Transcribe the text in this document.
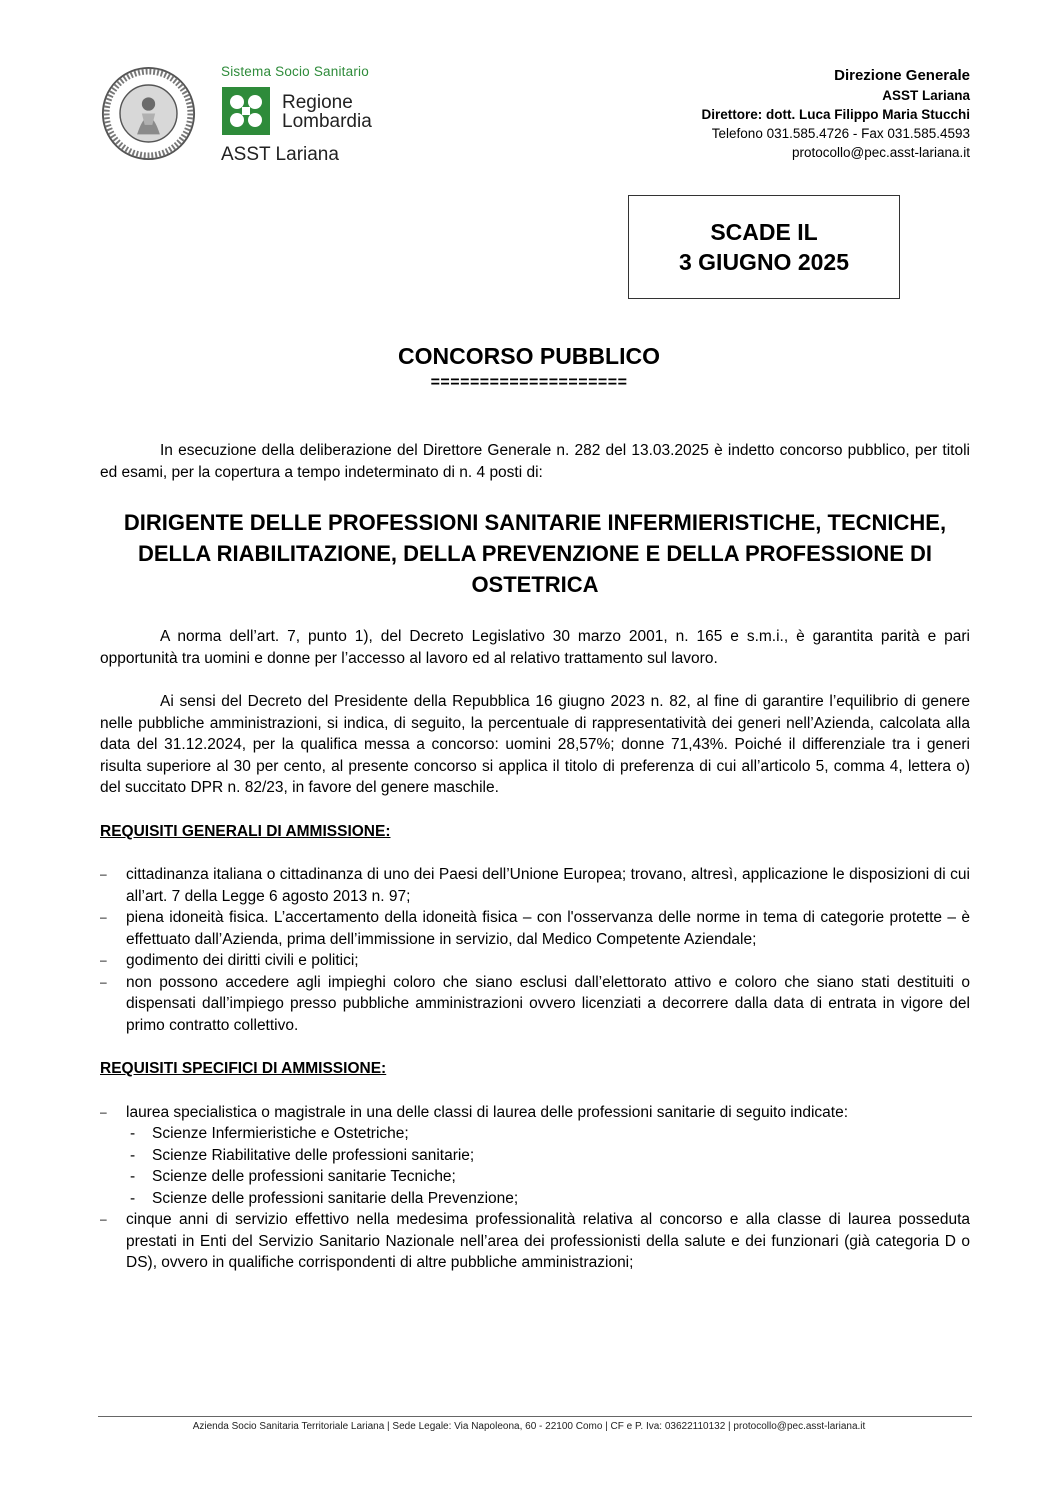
Sistema Socio Sanitario
Regione
Lombardia
ASST Lariana
Direzione Generale
ASST Lariana
Direttore: dott. Luca Filippo Maria Stucchi
Telefono 031.585.4726 - Fax 031.585.4593
protocollo@pec.asst-lariana.it
SCADE IL
3 GIUGNO 2025
CONCORSO PUBBLICO
====================

In esecuzione della deliberazione del Direttore Generale n. 282 del 13.03.2025 è indetto concorso pubblico, per titoli ed esami, per la copertura a tempo indeterminato di n. 4 posti di:

DIRIGENTE DELLE PROFESSIONI SANITARIE INFERMIERISTICHE, TECNICHE, DELLA RIABILITAZIONE, DELLA PREVENZIONE E DELLA PROFESSIONE DI OSTETRICA

A norma dell’art. 7, punto 1), del Decreto Legislativo 30 marzo 2001, n. 165 e s.m.i., è garantita parità e pari opportunità tra uomini e donne per l’accesso al lavoro ed al relativo trattamento sul lavoro.

Ai sensi del Decreto del Presidente della Repubblica 16 giugno 2023 n. 82, al fine di garantire l’equilibrio di genere nelle pubbliche amministrazioni, si indica, di seguito, la percentuale di rappresentatività dei generi nell’Azienda, calcolata alla data del 31.12.2024, per la qualifica messa a concorso: uomini 28,57%; donne 71,43%. Poiché il differenziale tra i generi risulta superiore al 30 per cento, al presente concorso si applica il titolo di preferenza di cui all’articolo 5, comma 4, lettera o) del succitato DPR n. 82/23, in favore del genere maschile.

REQUISITI GENERALI DI AMMISSIONE:

– cittadinanza italiana o cittadinanza di uno dei Paesi dell’Unione Europea; trovano, altresì, applicazione le disposizioni di cui all’art. 7 della Legge 6 agosto 2013 n. 97;
– piena idoneità fisica. L’accertamento della idoneità fisica – con l'osservanza delle norme in tema di categorie protette – è effettuato dall’Azienda, prima dell’immissione in servizio, dal Medico Competente Aziendale;
– godimento dei diritti civili e politici;
– non possono accedere agli impieghi coloro che siano esclusi dall’elettorato attivo e coloro che siano stati destituiti o dispensati dall’impiego presso pubbliche amministrazioni ovvero licenziati a decorrere dalla data di entrata in vigore del primo contratto collettivo.

REQUISITI SPECIFICI DI AMMISSIONE:

– laurea specialistica o magistrale in una delle classi di laurea delle professioni sanitarie di seguito indicate:
- Scienze Infermieristiche e Ostetriche;
- Scienze Riabilitative delle professioni sanitarie;
- Scienze delle professioni sanitarie Tecniche;
- Scienze delle professioni sanitarie della Prevenzione;
– cinque anni di servizio effettivo nella medesima professionalità relativa al concorso e alla classe di laurea posseduta prestati in Enti del Servizio Sanitario Nazionale nell’area dei professionisti della salute e dei funzionari (già categoria D o DS), ovvero in qualifiche corrispondenti di altre pubbliche amministrazioni;
Azienda Socio Sanitaria Territoriale Lariana | Sede Legale: Via Napoleona, 60 - 22100 Como | CF e P. Iva: 03622110132 | protocollo@pec.asst-lariana.it
